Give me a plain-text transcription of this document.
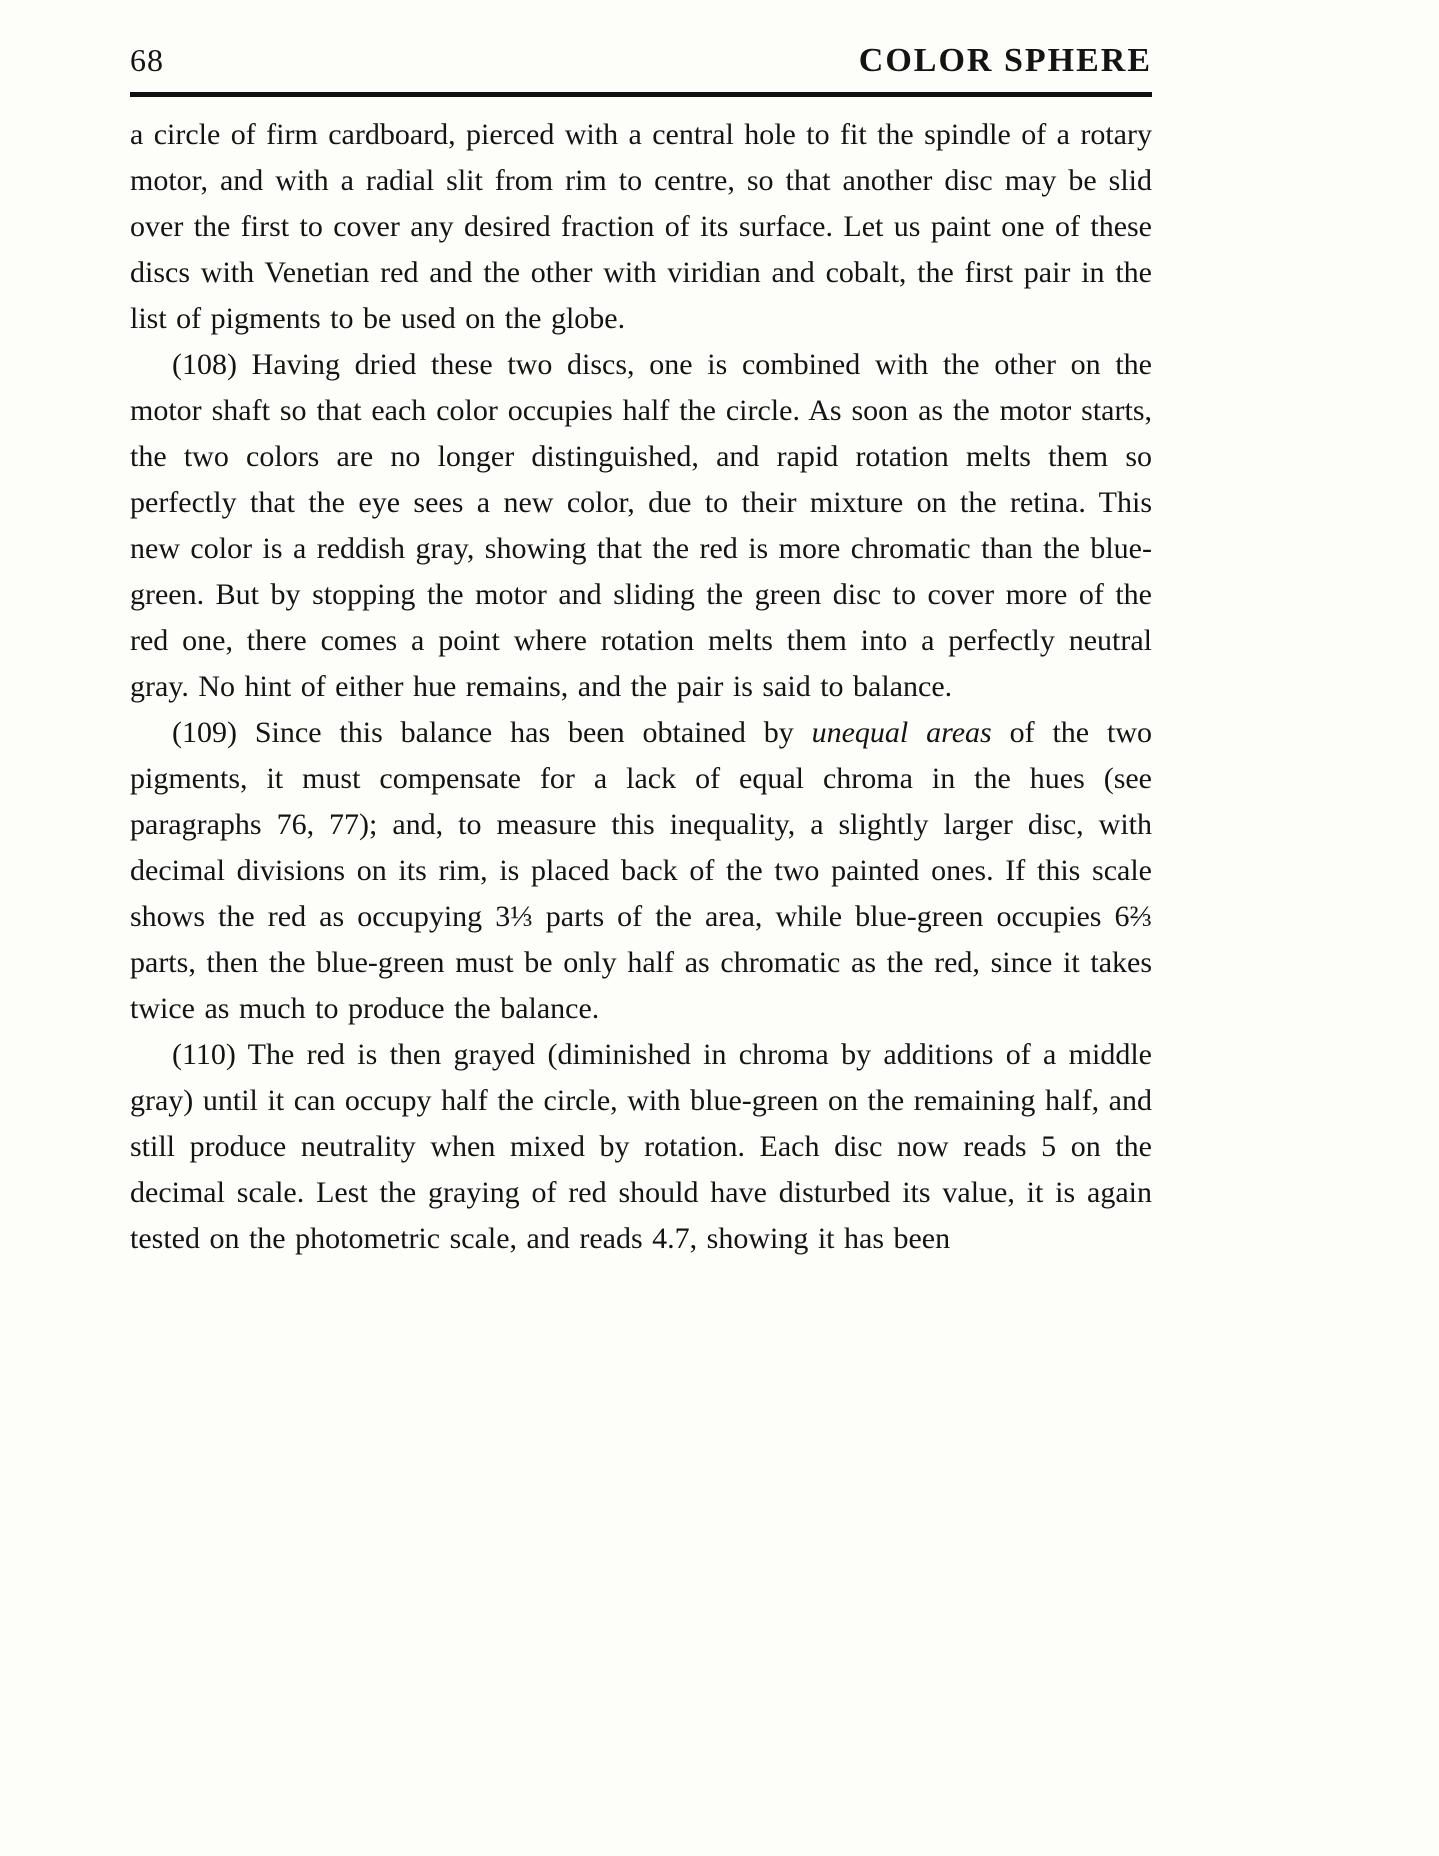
68	COLOR SPHERE

a circle of firm cardboard, pierced with a central hole to fit the spindle of a rotary motor, and with a radial slit from rim to centre, so that another disc may be slid over the first to cover any desired fraction of its surface. Let us paint one of these discs with Venetian red and the other with viridian and cobalt, the first pair in the list of pigments to be used on the globe.

(108) Having dried these two discs, one is combined with the other on the motor shaft so that each color occupies half the circle. As soon as the motor starts, the two colors are no longer distinguished, and rapid rotation melts them so perfectly that the eye sees a new color, due to their mixture on the retina. This new color is a reddish gray, showing that the red is more chromatic than the blue-green. But by stopping the motor and sliding the green disc to cover more of the red one, there comes a point where rotation melts them into a perfectly neutral gray. No hint of either hue remains, and the pair is said to balance.

(109) Since this balance has been obtained by unequal areas of the two pigments, it must compensate for a lack of equal chroma in the hues (see paragraphs 76, 77); and, to measure this inequality, a slightly larger disc, with decimal divisions on its rim, is placed back of the two painted ones. If this scale shows the red as occupying 3⅓ parts of the area, while blue-green occupies 6⅔ parts, then the blue-green must be only half as chromatic as the red, since it takes twice as much to produce the balance.

(110) The red is then grayed (diminished in chroma by additions of a middle gray) until it can occupy half the circle, with blue-green on the remaining half, and still produce neutrality when mixed by rotation. Each disc now reads 5 on the decimal scale. Lest the graying of red should have disturbed its value, it is again tested on the photometric scale, and reads 4.7, showing it has been
